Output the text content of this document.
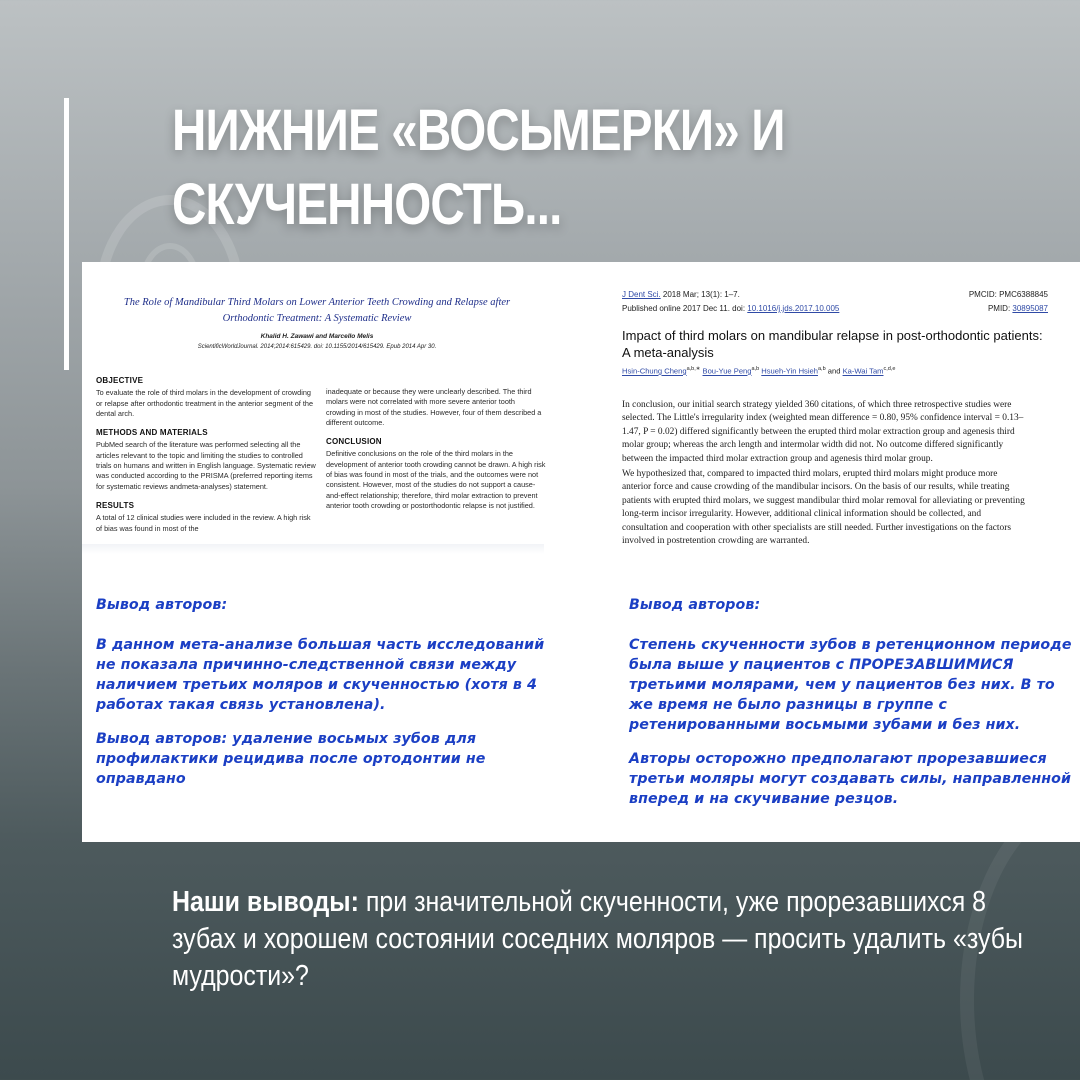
НИЖНИЕ «ВОСЬМЕРКИ» И
СКУЧЕННОСТЬ...
The Role of Mandibular Third Molars on Lower Anterior Teeth Crowding and Relapse after
Orthodontic Treatment: A Systematic Review
Khalid H. Zawawi and Marcello Melis
ScientificWorldJournal. 2014;2014:615429. doi: 10.1155/2014/615429. Epub 2014 Apr 30.
OBJECTIVE
To evaluate the role of third molars in the development of crowding or relapse after orthodontic treatment in the anterior segment of the dental arch.
METHODS AND MATERIALS
PubMed search of the literature was performed selecting all the articles relevant to the topic and limiting the studies to controlled trials on humans and written in English language. Systematic review was conducted according to the PRISMA (preferred reporting items for systematic reviews andmeta-analyses) statement.
RESULTS
A total of 12 clinical studies were included in the review. A high risk of bias was found in most of the
inadequate or because they were unclearly described. The third molars were not correlated with more severe anterior tooth crowding in most of the studies. However, four of them described a different outcome.
CONCLUSION
Definitive conclusions on the role of the third molars in the development of anterior tooth crowding cannot be drawn. A high risk of bias was found in most of the trials, and the outcomes were not consistent. However, most of the studies do not support a cause-and-effect relationship; therefore, third molar extraction to prevent anterior tooth crowding or postorthodontic relapse is not justified.
J Dent Sci. 2018 Mar; 13(1): 1–7.	PMCID: PMC6388845
Published online 2017 Dec 11. doi: 10.1016/j.jds.2017.10.005	PMID: 30895087
Impact of third molars on mandibular relapse in post-orthodontic patients:
A meta-analysis
Hsin-Chung Cheng$^{a,b,∗}$ Bou-Yue Peng$^{a,b}$ Hsueh-Yin Hsieh$^{a,b}$ and Ka-Wai Tam$^{c,d,e}$
In conclusion, our initial search strategy yielded 360 citations, of which three retrospective studies were
selected. The Little's irregularity index (weighted mean difference = 0.80, 95% confidence interval = 0.13–
1.47, P = 0.02) differed significantly between the erupted third molar extraction group and agenesis third
molar group; whereas the arch length and intermolar width did not. No outcome differed significantly
between the impacted third molar extraction group and agenesis third molar group.
We hypothesized that, compared to impacted third molars, erupted third molars might produce more
anterior force and cause crowding of the mandibular incisors. On the basis of our results, while treating
patients with erupted third molars, we suggest mandibular third molar removal for alleviating or preventing
long-term incisor irregularity. However, additional clinical information should be collected, and
consultation and cooperation with other specialists are still needed. Further investigations on the factors
involved in postretention crowding are warranted.
Вывод авторов:
В данном мета-анализе большая часть исследований не показала причинно-следственной связи между наличием третьих моляров и скученностью (хотя в 4 работах такая связь установлена).
Вывод авторов: удаление восьмых зубов для профилактики рецидива после ортодонтии не оправдано
Вывод авторов:
Степень скученности зубов в ретенционном периоде была выше у пациентов с ПРОРЕЗАВШИМИСЯ третьими молярами, чем у пациентов без них. В то же время не было разницы в группе с ретенированными восьмыми зубами и без них.
Авторы осторожно предполагают прорезавшиеся третьи моляры могут создавать силы, направленной вперед и на скучивание резцов.
Наши выводы: при значительной скученности, уже прорезавшихся 8 зубах и хорошем состоянии соседних моляров — просить удалить «зубы мудрости»?
